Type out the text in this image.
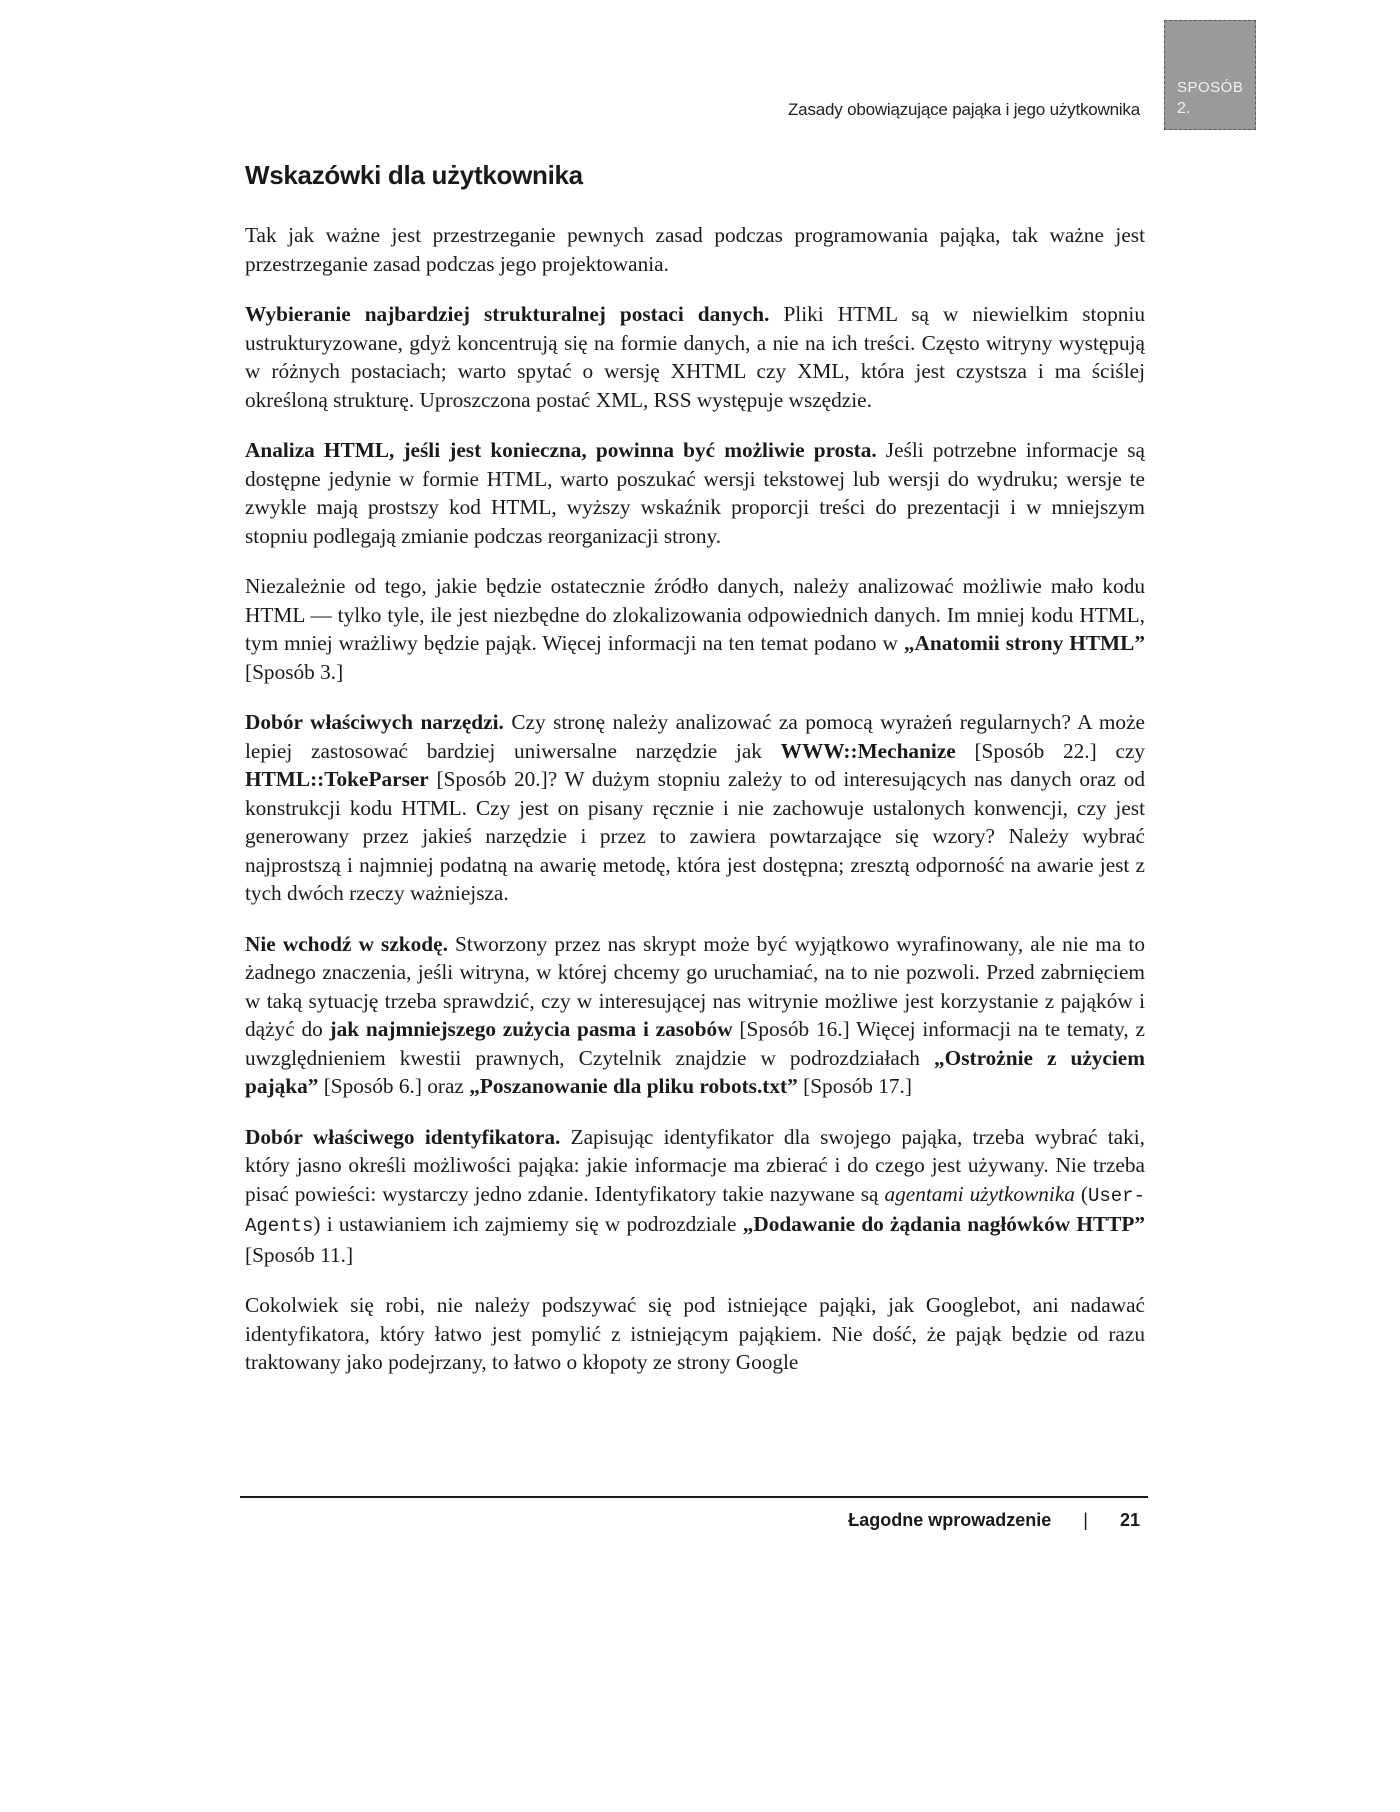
Zasady obowiązujące pająka i jego użytkownika
SPOSÓB
2.
Wskazówki dla użytkownika

Tak jak ważne jest przestrzeganie pewnych zasad podczas programowania pająka, tak ważne jest przestrzeganie zasad podczas jego projektowania.

Wybieranie najbardziej strukturalnej postaci danych. Pliki HTML są w niewielkim stopniu ustrukturyzowane, gdyż koncentrują się na formie danych, a nie na ich treści. Często witryny występują w różnych postaciach; warto spytać o wersję XHTML czy XML, która jest czystsza i ma ściślej określoną strukturę. Uproszczona postać XML, RSS występuje wszędzie.

Analiza HTML, jeśli jest konieczna, powinna być możliwie prosta. Jeśli potrzebne informacje są dostępne jedynie w formie HTML, warto poszukać wersji tekstowej lub wersji do wydruku; wersje te zwykle mają prostszy kod HTML, wyższy wskaźnik proporcji treści do prezentacji i w mniejszym stopniu podlegają zmianie podczas reorganizacji strony.

Niezależnie od tego, jakie będzie ostatecznie źródło danych, należy analizować możliwie mało kodu HTML — tylko tyle, ile jest niezbędne do zlokalizowania odpowiednich danych. Im mniej kodu HTML, tym mniej wrażliwy będzie pająk. Więcej informacji na ten temat podano w „Anatomii strony HTML” [Sposób 3.]

Dobór właściwych narzędzi. Czy stronę należy analizować za pomocą wyrażeń regularnych? A może lepiej zastosować bardziej uniwersalne narzędzie jak WWW::Mechanize [Sposób 22.] czy HTML::TokeParser [Sposób 20.]? W dużym stopniu zależy to od interesujących nas danych oraz od konstrukcji kodu HTML. Czy jest on pisany ręcznie i nie zachowuje ustalonych konwencji, czy jest generowany przez jakieś narzędzie i przez to zawiera powtarzające się wzory? Należy wybrać najprostszą i najmniej podatną na awarię metodę, która jest dostępna; zresztą odporność na awarie jest z tych dwóch rzeczy ważniejsza.

Nie wchodź w szkodę. Stworzony przez nas skrypt może być wyjątkowo wyrafinowany, ale nie ma to żadnego znaczenia, jeśli witryna, w której chcemy go uruchamiać, na to nie pozwoli. Przed zabrnięciem w taką sytuację trzeba sprawdzić, czy w interesującej nas witrynie możliwe jest korzystanie z pająków i dążyć do jak najmniejszego zużycia pasma i zasobów [Sposób 16.] Więcej informacji na te tematy, z uwzględnieniem kwestii prawnych, Czytelnik znajdzie w podrozdziałach „Ostrożnie z użyciem pająka” [Sposób 6.] oraz „Poszanowanie dla pliku robots.txt” [Sposób 17.]

Dobór właściwego identyfikatora. Zapisując identyfikator dla swojego pająka, trzeba wybrać taki, który jasno określi możliwości pająka: jakie informacje ma zbierać i do czego jest używany. Nie trzeba pisać powieści: wystarczy jedno zdanie. Identyfikatory takie nazywane są agentami użytkownika (User-Agents) i ustawianiem ich zajmiemy się w podrozdziale „Dodawanie do żądania nagłówków HTTP” [Sposób 11.]

Cokolwiek się robi, nie należy podszywać się pod istniejące pająki, jak Googlebot, ani nadawać identyfikatora, który łatwo jest pomylić z istniejącym pająkiem. Nie dość, że pająk będzie od razu traktowany jako podejrzany, to łatwo o kłopoty ze strony Google

Łagodne wprowadzenie | 21
